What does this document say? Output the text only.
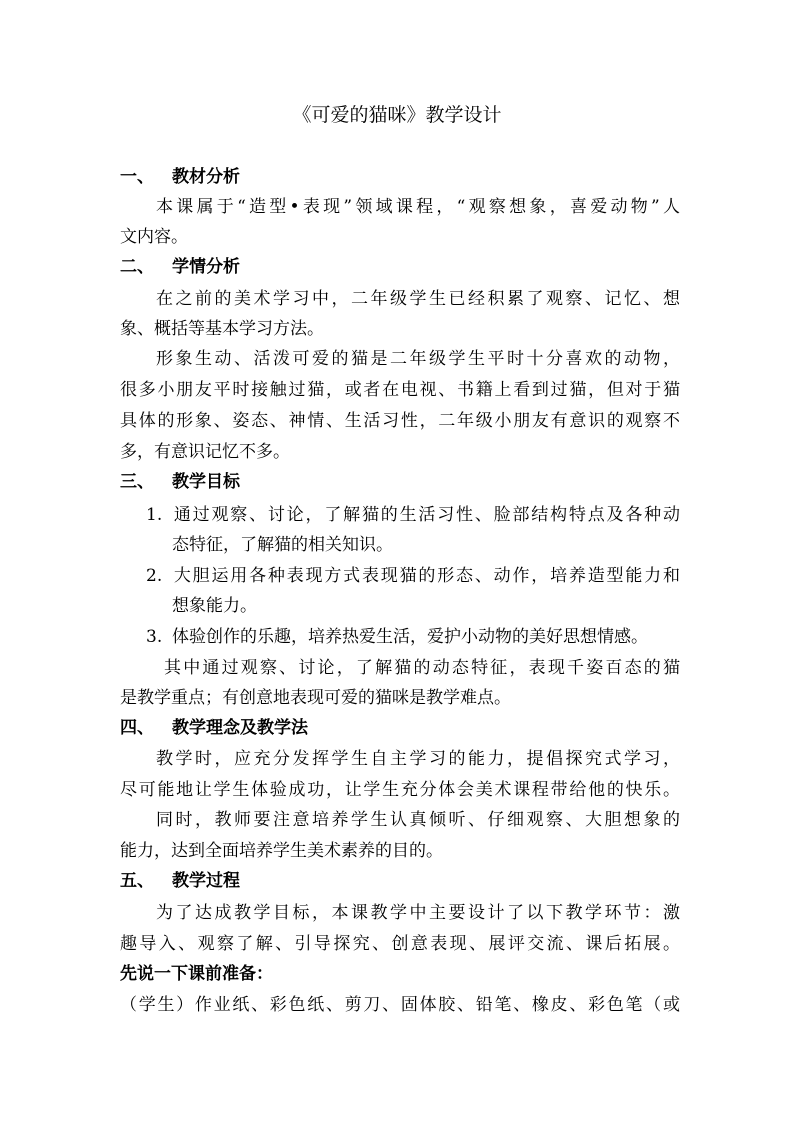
《可爱的猫咪》教学设计
一、 教材分析
本课属于“造型•表现”领域课程，“观察想象，喜爱动物”人
文内容。
二、 学情分析
在之前的美术学习中，二年级学生已经积累了观察、记忆、想
象、概括等基本学习方法。
形象生动、活泼可爱的猫是二年级学生平时十分喜欢的动物，
很多小朋友平时接触过猫，或者在电视、书籍上看到过猫，但对于猫
具体的形象、姿态、神情、生活习性，二年级小朋友有意识的观察不
多，有意识记忆不多。
三、 教学目标
1. 通过观察、讨论，了解猫的生活习性、脸部结构特点及各种动
态特征，了解猫的相关知识。
2. 大胆运用各种表现方式表现猫的形态、动作，培养造型能力和
想象能力。
3. 体验创作的乐趣，培养热爱生活，爱护小动物的美好思想情感。
其中通过观察、讨论，了解猫的动态特征，表现千姿百态的猫
是教学重点；有创意地表现可爱的猫咪是教学难点。
四、 教学理念及教学法
教学时，应充分发挥学生自主学习的能力，提倡探究式学习，
尽可能地让学生体验成功，让学生充分体会美术课程带给他的快乐。
同时，教师要注意培养学生认真倾听、仔细观察、大胆想象的
能力，达到全面培养学生美术素养的目的。
五、 教学过程
为了达成教学目标，本课教学中主要设计了以下教学环节：激
趣导入、观察了解、引导探究、创意表现、展评交流、课后拓展。
先说一下课前准备：
（学生）作业纸、彩色纸、剪刀、固体胶、铅笔、橡皮、彩色笔（或
